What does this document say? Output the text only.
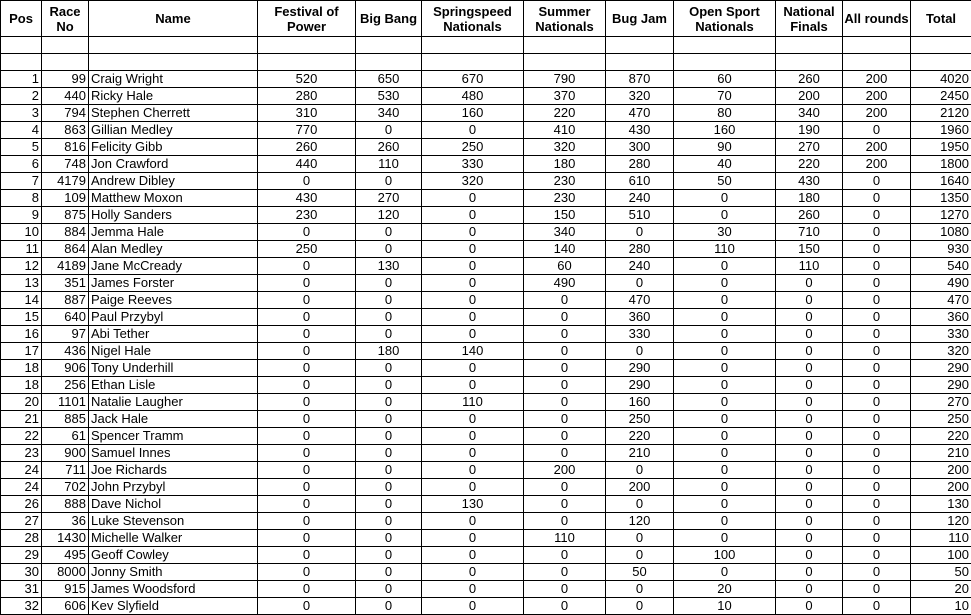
Pos	Race No	Name	Festival of Power	Big Bang	Springspeed Nationals	Summer Nationals	Bug Jam	Open Sport Nationals	National Finals	All rounds	Total

1	99	Craig Wright	520	650	670	790	870	60	260	200	4020
2	440	Ricky Hale	280	530	480	370	320	70	200	200	2450
3	794	Stephen Cherrett	310	340	160	220	470	80	340	200	2120
4	863	Gillian Medley	770	0	0	410	430	160	190	0	1960
5	816	Felicity Gibb	260	260	250	320	300	90	270	200	1950
6	748	Jon Crawford	440	110	330	180	280	40	220	200	1800
7	4179	Andrew Dibley	0	0	320	230	610	50	430	0	1640
8	109	Matthew Moxon	430	270	0	230	240	0	180	0	1350
9	875	Holly Sanders	230	120	0	150	510	0	260	0	1270
10	884	Jemma Hale	0	0	0	340	0	30	710	0	1080
11	864	Alan Medley	250	0	0	140	280	110	150	0	930
12	4189	Jane McCready	0	130	0	60	240	0	110	0	540
13	351	James Forster	0	0	0	490	0	0	0	0	490
14	887	Paige Reeves	0	0	0	0	470	0	0	0	470
15	640	Paul Przybyl	0	0	0	0	360	0	0	0	360
16	97	Abi Tether	0	0	0	0	330	0	0	0	330
17	436	Nigel Hale	0	180	140	0	0	0	0	0	320
18	906	Tony Underhill	0	0	0	0	290	0	0	0	290
18	256	Ethan Lisle	0	0	0	0	290	0	0	0	290
20	1101	Natalie Laugher	0	0	110	0	160	0	0	0	270
21	885	Jack Hale	0	0	0	0	250	0	0	0	250
22	61	Spencer Tramm	0	0	0	0	220	0	0	0	220
23	900	Samuel Innes	0	0	0	0	210	0	0	0	210
24	711	Joe Richards	0	0	0	200	0	0	0	0	200
24	702	John Przybyl	0	0	0	0	200	0	0	0	200
26	888	Dave Nichol	0	0	130	0	0	0	0	0	130
27	36	Luke Stevenson	0	0	0	0	120	0	0	0	120
28	1430	Michelle Walker	0	0	0	110	0	0	0	0	110
29	495	Geoff Cowley	0	0	0	0	0	100	0	0	100
30	8000	Jonny Smith	0	0	0	0	50	0	0	0	50
31	915	James Woodsford	0	0	0	0	0	20	0	0	20
32	606	Kev Slyfield	0	0	0	0	0	10	0	0	10
